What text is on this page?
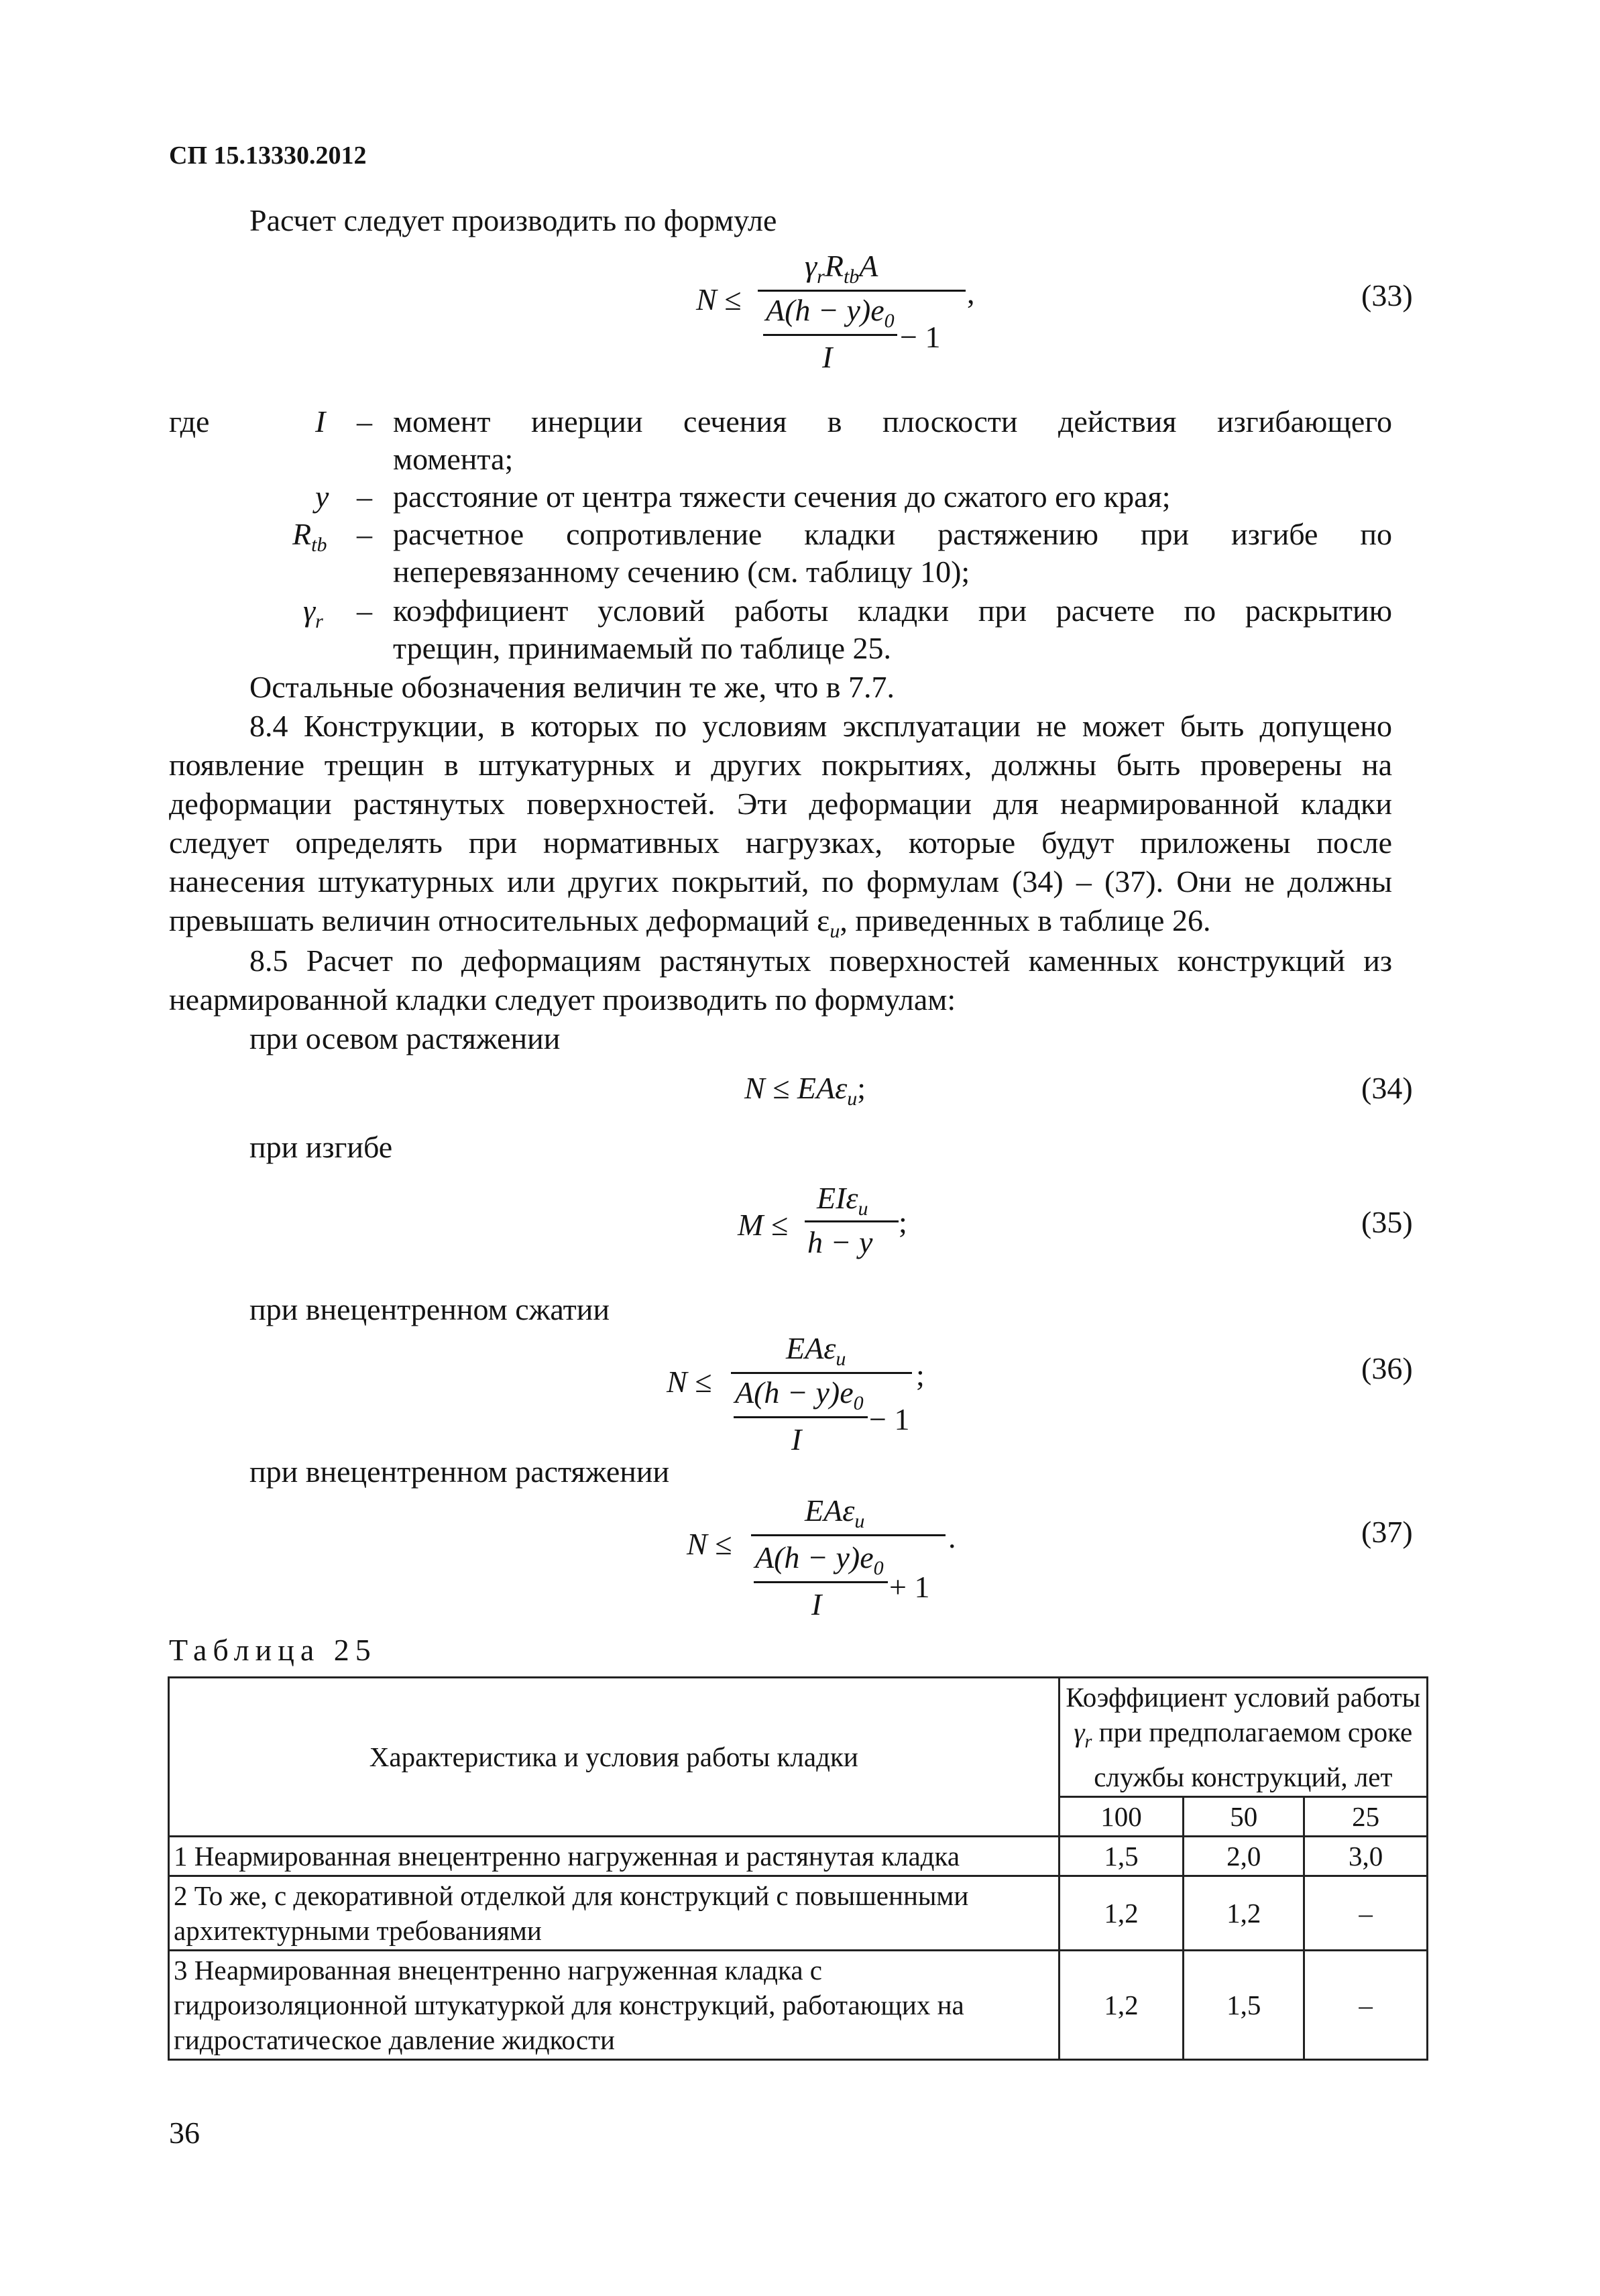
СП 15.13330.2012
Расчет следует производить по формуле
N ≤
$\gamma_rR_{tb}A$
$A(h - y)e_0 - 1$
I
,	(33)
где	I – момент инерции сечения в плоскости действия изгибающего
момента;
y – расстояние от центра тяжести сечения до сжатого его края;
$R_{tb}$ – расчетное сопротивление кладки растяжению при изгибе по
неперевязанному сечению (см. таблицу 10);
$\gamma_r$ – коэффициент условий работы кладки при расчете по раскрытию
трещин, принимаемый по таблице 25.
Остальные обозначения величин те же, что в 7.7.
8.4 Конструкции, в которых по условиям эксплуатации не может быть допущено
появление трещин в штукатурных и других покрытиях, должны быть проверены на
деформации растянутых поверхностей. Эти деформации для неармированной кладки
следует определять при нормативных нагрузках, которые будут приложены после
нанесения штукатурных или других покрытий, по формулам (34) – (37). Они не должны
превышать величин относительных деформаций $\varepsilon_u$, приведенных в таблице 26.
8.5 Расчет по деформациям растянутых поверхностей каменных конструкций из
неармированной кладки следует производить по формулам:
при осевом растяжении
N ≤ EAε$_u$;	(34)
при изгибе
M ≤
EIε$_u$
h − y
;	(35)
при внецентренном сжатии
N ≤
EAε$_u$
$A(h - y)e_0 - 1$
I
;	(36)
при внецентренном растяжении
N ≤
EAε$_u$
$A(h - y)e_0$
+ 1
I
.	(37)
Таблица 25
Характеристика и условия работы кладки	Коэффициент условий работы
$\gamma_r$ при предполагаемом сроке
службы конструкций, лет		
	100	50	25
1 Неармированная внецентренно нагруженная и растянутая кладка	1,5	2,0	3,0
2 То же, с декоративной отделкой для конструкций с повышенными архитектурными требованиями	1,2	1,2	–
3 Неармированная внецентренно нагруженная кладка с гидроизоляционной штукатуркой для конструкций, работающих на гидростатическое давление жидкости	1,2	1,5	–
36
